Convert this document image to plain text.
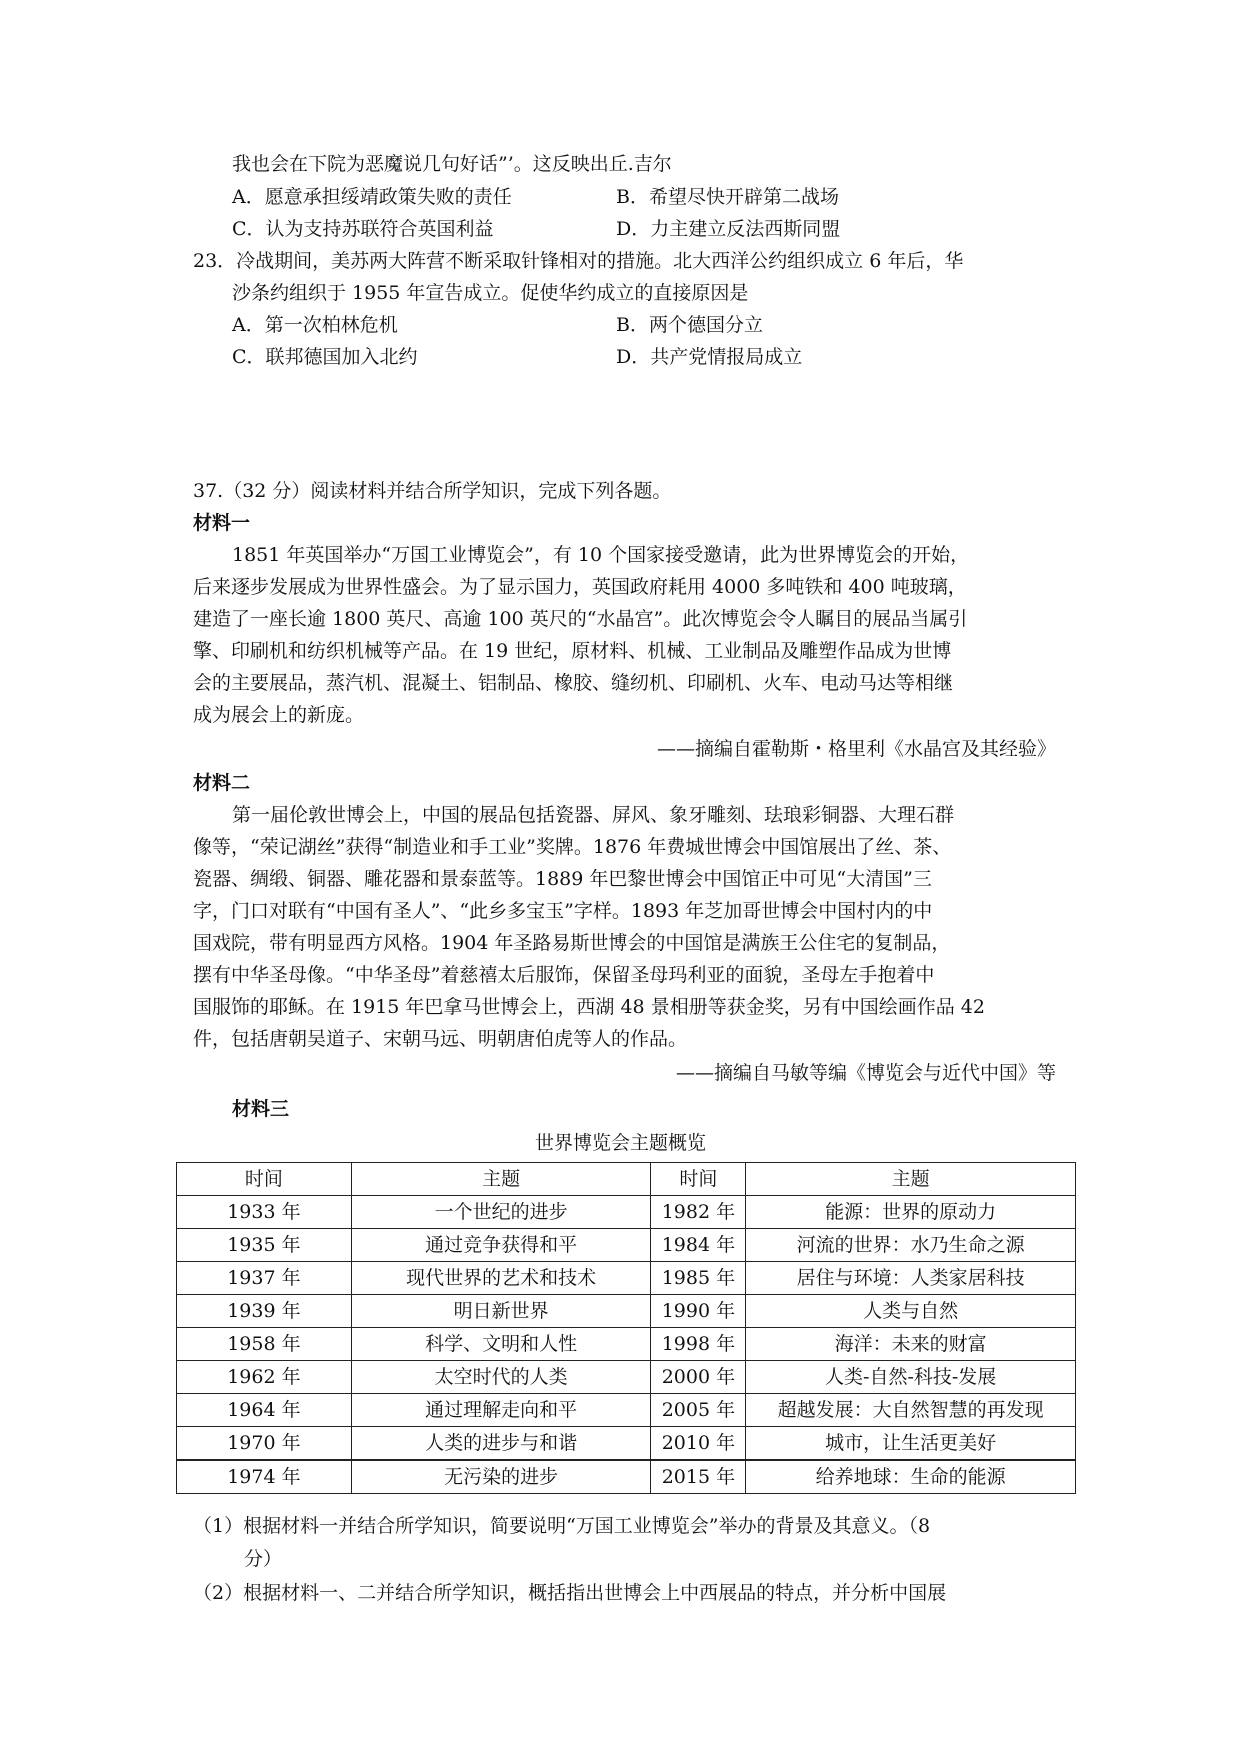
我也会在下院为恶魔说几句好话”’。这反映出丘.吉尔
A．愿意承担绥靖政策失败的责任	B．希望尽快开辟第二战场
C．认为支持苏联符合英国利益	D．力主建立反法西斯同盟
23．冷战期间，美苏两大阵营不断采取针锋相对的措施。北大西洋公约组织成立 6 年后，华
沙条约组织于 1955 年宣告成立。促使华约成立的直接原因是
A．第一次柏林危机	B．两个德国分立
C．联邦德国加入北约	D．共产党情报局成立
37.（32 分）阅读材料并结合所学知识，完成下列各题。
材料一
1851 年英国举办“万国工业博览会”，有 10 个国家接受邀请，此为世界博览会的开始，
后来逐步发展成为世界性盛会。为了显示国力，英国政府耗用 4000 多吨铁和 400 吨玻璃，
建造了一座长逾 1800 英尺、高逾 100 英尺的“水晶宫”。此次博览会令人瞩目的展品当属引
擎、印刷机和纺织机械等产品。在 19 世纪，原材料、机械、工业制品及雕塑作品成为世博
会的主要展品，蒸汽机、混凝土、铝制品、橡胶、缝纫机、印刷机、火车、电动马达等相继
成为展会上的新庞。
——摘编自霍勒斯・格里利《水晶宫及其经验》
材料二
第一届伦敦世博会上，中国的展品包括瓷器、屏风、象牙雕刻、珐琅彩铜器、大理石群
像等，“荣记湖丝”获得“制造业和手工业”奖牌。1876 年费城世博会中国馆展出了丝、茶、
瓷器、绸缎、铜器、雕花器和景泰蓝等。1889 年巴黎世博会中国馆正中可见“大清国”三
字，门口对联有“中国有圣人”、“此乡多宝玉”字样。1893 年芝加哥世博会中国村内的中
国戏院，带有明显西方风格。1904 年圣路易斯世博会的中国馆是满族王公住宅的复制品，
摆有中华圣母像。“中华圣母”着慈禧太后服饰，保留圣母玛利亚的面貌，圣母左手抱着中
国服饰的耶稣。在 1915 年巴拿马世博会上，西湖 48 景相册等获金奖，另有中国绘画作品 42
件，包括唐朝吴道子、宋朝马远、明朝唐伯虎等人的作品。
——摘编自马敏等编《博览会与近代中国》等
材料三
世界博览会主题概览
时间	主题	时间	主题
1933 年	一个世纪的进步	1982 年	能源：世界的原动力
1935 年	通过竞争获得和平	1984 年	河流的世界：水乃生命之源
1937 年	现代世界的艺术和技术	1985 年	居住与环境：人类家居科技
1939 年	明日新世界	1990 年	人类与自然
1958 年	科学、文明和人性	1998 年	海洋：未来的财富
1962 年	太空时代的人类	2000 年	人类-自然-科技-发展
1964 年	通过理解走向和平	2005 年	超越发展：大自然智慧的再发现
1970 年	人类的进步与和谐	2010 年	城市，让生活更美好
1974 年	无污染的进步	2015 年	给养地球：生命的能源
（1）根据材料一并结合所学知识，简要说明“万国工业博览会”举办的背景及其意义。（8
分）
（2）根据材料一、二并结合所学知识，概括指出世博会上中西展品的特点，并分析中国展
